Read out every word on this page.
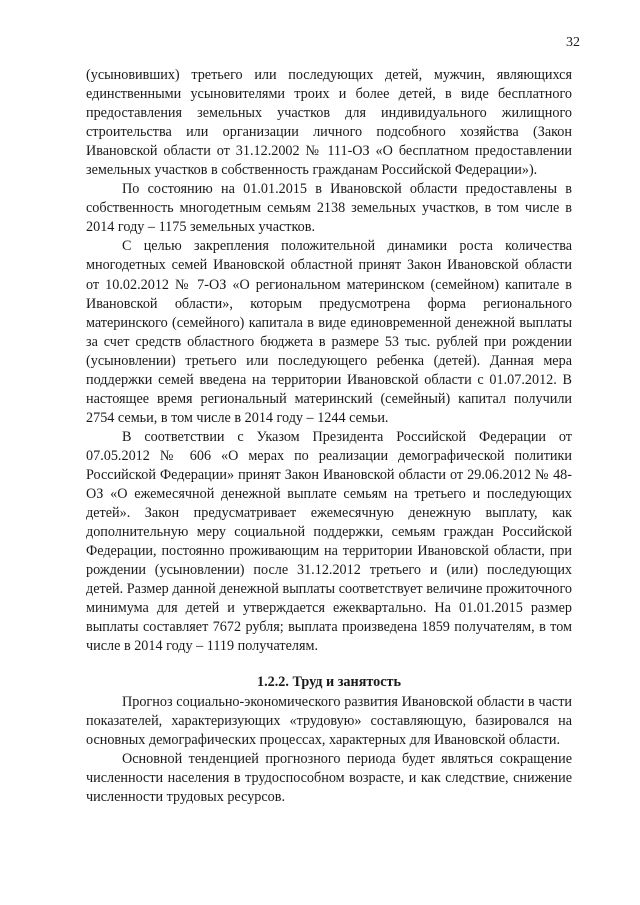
32

(усыновивших) третьего или последующих детей, мужчин, являющихся единственными усыновителями троих и более детей, в виде бесплатного предоставления земельных участков для индивидуального жилищного строительства или организации личного подсобного хозяйства (Закон Ивановской области от 31.12.2002 № 111-ОЗ «О бесплатном предоставлении земельных участков в собственность гражданам Российской Федерации»).

По состоянию на 01.01.2015 в Ивановской области предоставлены в собственность многодетным семьям 2138 земельных участков, в том числе в 2014 году – 1175 земельных участков.

С целью закрепления положительной динамики роста количества многодетных семей Ивановской областной принят Закон Ивановской области от 10.02.2012 № 7-ОЗ «О региональном материнском (семейном) капитале в Ивановской области», которым предусмотрена форма регионального материнского (семейного) капитала в виде единовременной денежной выплаты за счет средств областного бюджета в размере 53 тыс. рублей при рождении (усыновлении) третьего или последующего ребенка (детей). Данная мера поддержки семей введена на территории Ивановской области с 01.07.2012. В настоящее время региональный материнский (семейный) капитал получили 2754 семьи, в том числе в 2014 году – 1244 семьи.

В соответствии с Указом Президента Российской Федерации от 07.05.2012 № 606 «О мерах по реализации демографической политики Российской Федерации» принят Закон Ивановской области от 29.06.2012 № 48-ОЗ «О ежемесячной денежной выплате семьям на третьего и последующих детей». Закон предусматривает ежемесячную денежную выплату, как дополнительную меру социальной поддержки, семьям граждан Российской Федерации, постоянно проживающим на территории Ивановской области, при рождении (усыновлении) после 31.12.2012 третьего и (или) последующих детей. Размер данной денежной выплаты соответствует величине прожиточного минимума для детей и утверждается ежеквартально. На 01.01.2015 размер выплаты составляет 7672 рубля; выплата произведена 1859 получателям, в том числе в 2014 году – 1119 получателям.

1.2.2. Труд и занятость

Прогноз социально-экономического развития Ивановской области в части показателей, характеризующих «трудовую» составляющую, базировался на основных демографических процессах, характерных для Ивановской области.

Основной тенденцией прогнозного периода будет являться сокращение численности населения в трудоспособном возрасте, и как следствие, снижение численности трудовых ресурсов.
